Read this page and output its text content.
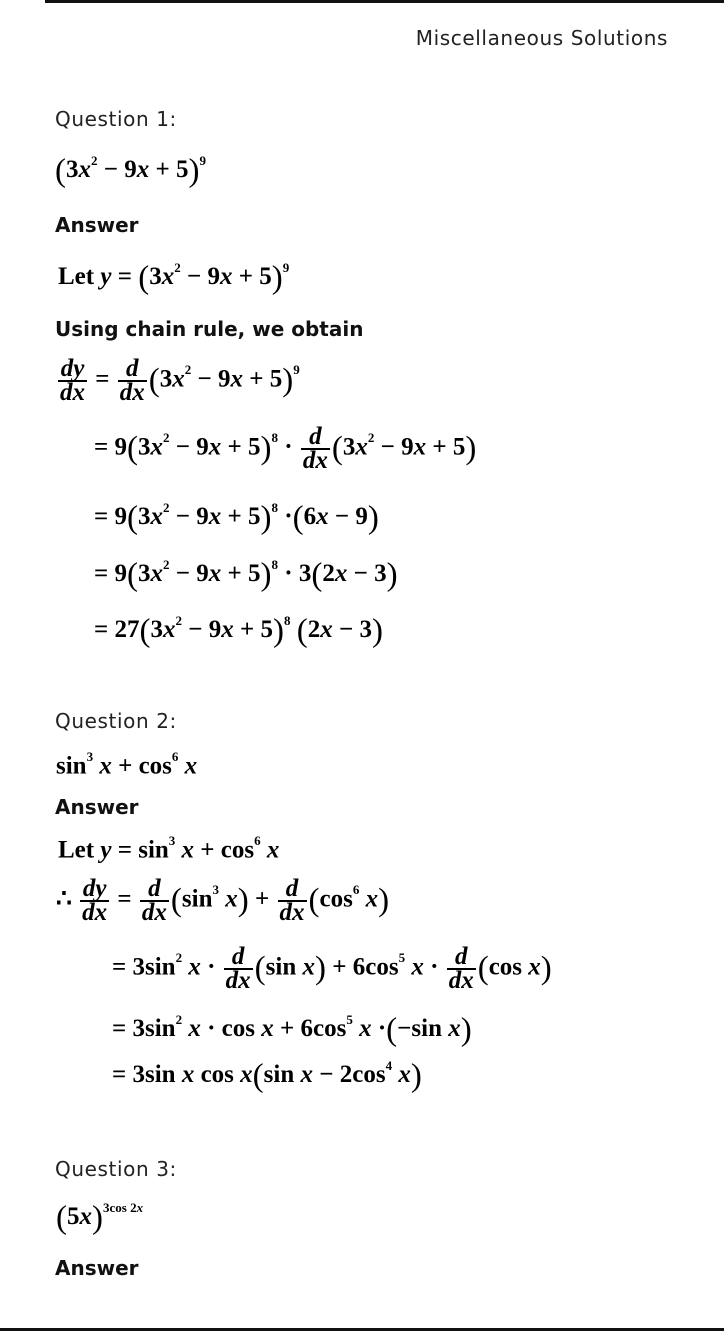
Miscellaneous Solutions
Question 1:
$(3x^2 - 9x + 5)^9$
Answer
Let $y = (3x^2 - 9x + 5)^9$
Using chain rule, we obtain
$\frac{dy}{dx} = \frac{d}{dx} (3x^2 - 9x + 5)^9$
= $9(3x^2 - 9x + 5)^8 \cdot \frac{d}{dx} (3x^2 - 9x + 5)$
= $9(3x^2 - 9x + 5)^8 \cdot(6x - 9)$
= $9(3x^2 - 9x + 5)^8 \cdot 3(2x - 3)$
= $27(3x^2 - 9x + 5)^8$ (2x − 3)
Question 2:
$\sin^3 x + \cos^6 x$
Answer
Let $y = \sin^3 x + \cos^6 x$
∴ $\frac{dy}{dx} = \frac{d}{dx} (\sin^3$ $x) + \frac{d}{dx} (\cos^6$ x)
= $3\sin^2$ $x \cdot \frac{d}{dx} (\sin$ $x) + 6\cos^5$ $x \cdot \frac{d}{dx} (\cos$ x)
= $3\sin^2$ $x \cdot \cos x + 6\cos^5$ x ·(−sin x)
= 3sin x cos x(sin $x - 2\cos^4$ x)
Question 3:
$(5x)^{3cos 2x}$
Answer
